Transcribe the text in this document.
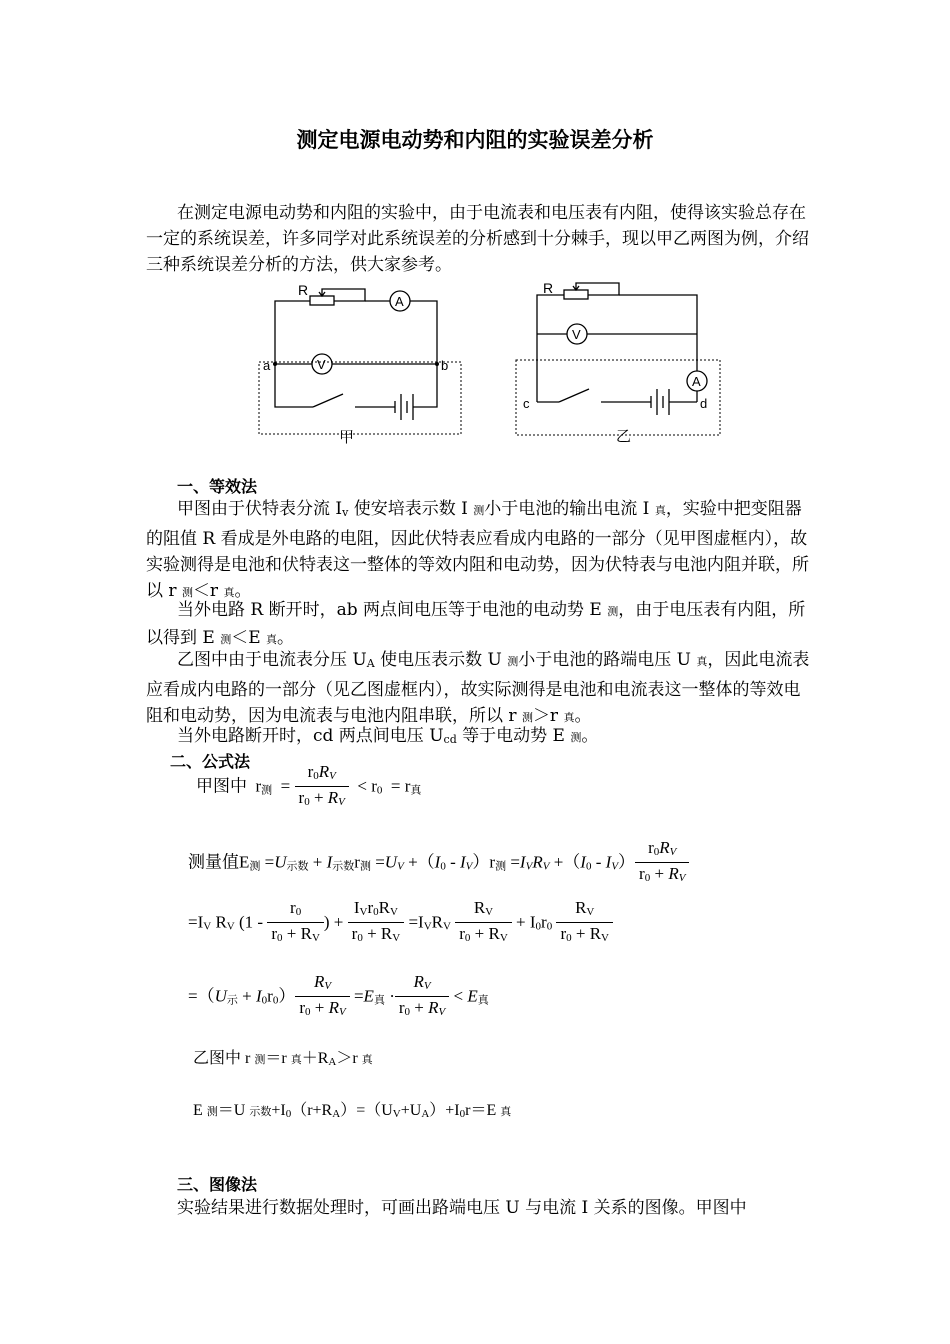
测定电源电动势和内阻的实验误差分析
在测定电源电动势和内阻的实验中，由于电流表和电压表有内阻，使得该实验总存在一定的系统误差，许多同学对此系统误差的分析感到十分棘手，现以甲乙两图为例，介绍三种系统误差分析的方法，供大家参考。
R
A
V
a	b
甲
R
A
V
c	d
乙
一、等效法
甲图由于伏特表分流 $I_v$ 使安培表示数 I 测小于电池的输出电流 I 真，实验中把变阻器的阻值 R 看成是外电路的电阻，因此伏特表应看成内电路的一部分（见甲图虚框内），故实验测得是电池和伏特表这一整体的等效内阻和电动势，因为伏特表与电池内阻并联，所以 r 测＜r 真。
当外电路 R 断开时，ab 两点间电压等于电池的电动势 E 测，由于电压表有内阻，所以得到 E 测＜E 真。
乙图中由于电流表分压 $U_A$ 使电压表示数 U 测小于电池的路端电压 U 真，因此电流表应看成内电路的一部分（见乙图虚框内），故实际测得是电池和电流表这一整体的等效电阻和电动势，因为电流表与电池内阻串联，所以 r 测＞r 真。
当外电路断开时，cd 两点间电压 $U_{cd}$ 等于电动势 E 测。
二、公式法
甲图中  $r_测 = \frac{r_0R_V}{r_0 + R_V} < r_0 = r_真$
测量值$E_测 =U_{示数} + I_{示数}r_测 =U_V +(I_0 - I_V)r_测 =I_VR_V +(I_0 - I_V) \frac{r_0R_V}{r_0 + R_V}$
$=I_V$ $R_V$ ($1 - \frac{r_0}{r_0 + R_V}$ ) + $\frac{I_Vr_0R_V}{r_0 + R_V} =I_VR_V \frac{R_V}{r_0 + R_V} + I_0r_0 \frac{R_V}{r_0 + R_V}$
$=(U_示 + I_0r_0) \frac{R_V}{r_0 + R_V} =E_真 \cdot \frac{R_V}{r_0 + R_V} < E_真$
乙图中 r 测＝r 真$+R_A>r$ 真
E 测＝U 示数$+I_0(r+R_A)=(U_V+U_A)+I_0r=E$ 真
三、图像法
实验结果进行数据处理时，可画出路端电压 U 与电流 I 关系的图像。甲图中
